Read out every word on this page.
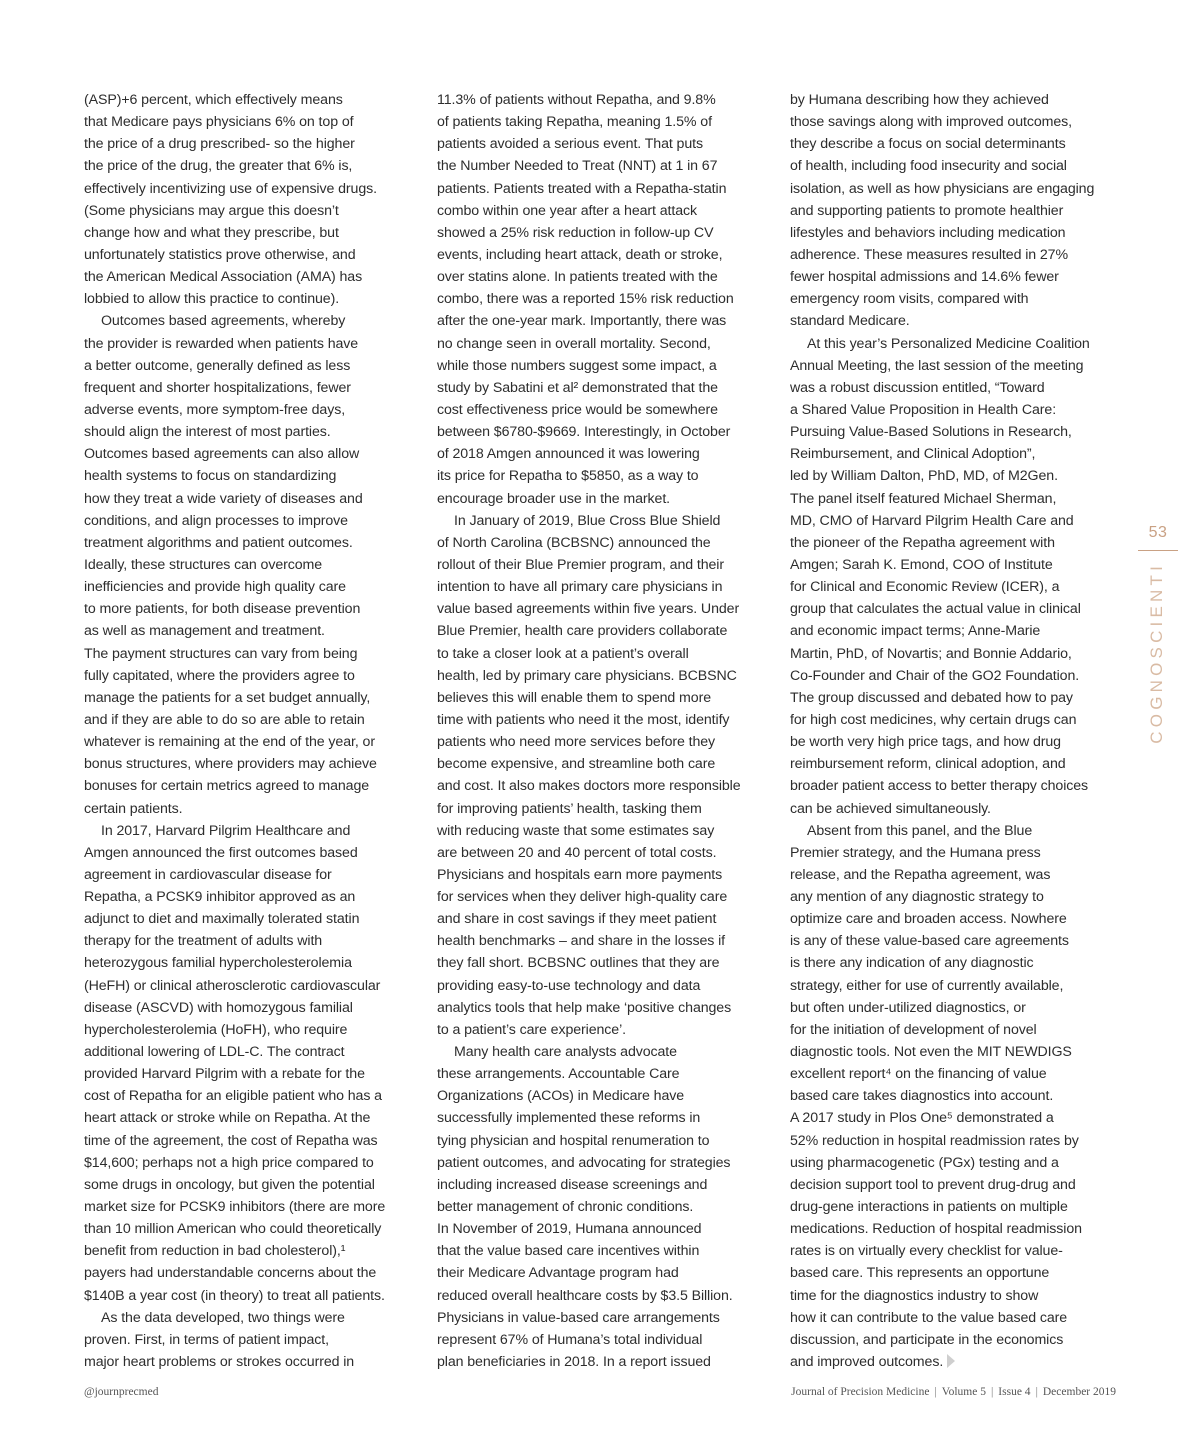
(ASP)+6 percent, which effectively means
that Medicare pays physicians 6% on top of
the price of a drug prescribed- so the higher
the price of the drug, the greater that 6% is,
effectively incentivizing use of expensive drugs.
(Some physicians may argue this doesn’t
change how and what they prescribe, but
unfortunately statistics prove otherwise, and
the American Medical Association (AMA) has
lobbied to allow this practice to continue).
Outcomes based agreements, whereby
the provider is rewarded when patients have
a better outcome, generally defined as less
frequent and shorter hospitalizations, fewer
adverse events, more symptom-free days,
should align the interest of most parties.
Outcomes based agreements can also allow
health systems to focus on standardizing
how they treat a wide variety of diseases and
conditions, and align processes to improve
treatment algorithms and patient outcomes.
Ideally, these structures can overcome
inefficiencies and provide high quality care
to more patients, for both disease prevention
as well as management and treatment.
The payment structures can vary from being
fully capitated, where the providers agree to
manage the patients for a set budget annually,
and if they are able to do so are able to retain
whatever is remaining at the end of the year, or
bonus structures, where providers may achieve
bonuses for certain metrics agreed to manage
certain patients.
In 2017, Harvard Pilgrim Healthcare and
Amgen announced the first outcomes based
agreement in cardiovascular disease for
Repatha, a PCSK9 inhibitor approved as an
adjunct to diet and maximally tolerated statin
therapy for the treatment of adults with
heterozygous familial hypercholesterolemia
(HeFH) or clinical atherosclerotic cardiovascular
disease (ASCVD) with homozygous familial
hypercholesterolemia (HoFH), who require
additional lowering of LDL-C. The contract
provided Harvard Pilgrim with a rebate for the
cost of Repatha for an eligible patient who has a
heart attack or stroke while on Repatha. At the
time of the agreement, the cost of Repatha was
$14,600; perhaps not a high price compared to
some drugs in oncology, but given the potential
market size for PCSK9 inhibitors (there are more
than 10 million American who could theoretically
benefit from reduction in bad cholesterol),¹
payers had understandable concerns about the
$140B a year cost (in theory) to treat all patients.
As the data developed, two things were
proven. First, in terms of patient impact,
major heart problems or strokes occurred in
11.3% of patients without Repatha, and 9.8%
of patients taking Repatha, meaning 1.5% of
patients avoided a serious event. That puts
the Number Needed to Treat (NNT) at 1 in 67
patients. Patients treated with a Repatha-statin
combo within one year after a heart attack
showed a 25% risk reduction in follow-up CV
events, including heart attack, death or stroke,
over statins alone. In patients treated with the
combo, there was a reported 15% risk reduction
after the one-year mark. Importantly, there was
no change seen in overall mortality. Second,
while those numbers suggest some impact, a
study by Sabatini et al² demonstrated that the
cost effectiveness price would be somewhere
between $6780-$9669. Interestingly, in October
of 2018 Amgen announced it was lowering
its price for Repatha to $5850, as a way to
encourage broader use in the market.
In January of 2019, Blue Cross Blue Shield
of North Carolina (BCBSNC) announced the
rollout of their Blue Premier program, and their
intention to have all primary care physicians in
value based agreements within five years. Under
Blue Premier, health care providers collaborate
to take a closer look at a patient’s overall
health, led by primary care physicians. BCBSNC
believes this will enable them to spend more
time with patients who need it the most, identify
patients who need more services before they
become expensive, and streamline both care
and cost. It also makes doctors more responsible
for improving patients’ health, tasking them
with reducing waste that some estimates say
are between 20 and 40 percent of total costs.
Physicians and hospitals earn more payments
for services when they deliver high-quality care
and share in cost savings if they meet patient
health benchmarks – and share in the losses if
they fall short. BCBSNC outlines that they are
providing easy-to-use technology and data
analytics tools that help make ‘positive changes
to a patient’s care experience’.
Many health care analysts advocate
these arrangements. Accountable Care
Organizations (ACOs) in Medicare have
successfully implemented these reforms in
tying physician and hospital renumeration to
patient outcomes, and advocating for strategies
including increased disease screenings and
better management of chronic conditions.
In November of 2019, Humana announced
that the value based care incentives within
their Medicare Advantage program had
reduced overall healthcare costs by $3.5 Billion.
Physicians in value-based care arrangements
represent 67% of Humana’s total individual
plan beneficiaries in 2018. In a report issued
by Humana describing how they achieved
those savings along with improved outcomes,
they describe a focus on social determinants
of health, including food insecurity and social
isolation, as well as how physicians are engaging
and supporting patients to promote healthier
lifestyles and behaviors including medication
adherence. These measures resulted in 27%
fewer hospital admissions and 14.6% fewer
emergency room visits, compared with
standard Medicare.
At this year’s Personalized Medicine Coalition
Annual Meeting, the last session of the meeting
was a robust discussion entitled, “Toward
a Shared Value Proposition in Health Care:
Pursuing Value-Based Solutions in Research,
Reimbursement, and Clinical Adoption”,
led by William Dalton, PhD, MD, of M2Gen.
The panel itself featured Michael Sherman,
MD, CMO of Harvard Pilgrim Health Care and
the pioneer of the Repatha agreement with
Amgen; Sarah K. Emond, COO of Institute
for Clinical and Economic Review (ICER), a
group that calculates the actual value in clinical
and economic impact terms; Anne-Marie
Martin, PhD, of Novartis; and Bonnie Addario,
Co-Founder and Chair of the GO2 Foundation.
The group discussed and debated how to pay
for high cost medicines, why certain drugs can
be worth very high price tags, and how drug
reimbursement reform, clinical adoption, and
broader patient access to better therapy choices
can be achieved simultaneously.
Absent from this panel, and the Blue
Premier strategy, and the Humana press
release, and the Repatha agreement, was
any mention of any diagnostic strategy to
optimize care and broaden access. Nowhere
is any of these value-based care agreements
is there any indication of any diagnostic
strategy, either for use of currently available,
but often under-utilized diagnostics, or
for the initiation of development of novel
diagnostic tools. Not even the MIT NEWDIGS
excellent report⁴ on the financing of value
based care takes diagnostics into account.
A 2017 study in Plos One⁵ demonstrated a
52% reduction in hospital readmission rates by
using pharmacogenetic (PGx) testing and a
decision support tool to prevent drug-drug and
drug-gene interactions in patients on multiple
medications. Reduction of hospital readmission
rates is on virtually every checklist for value-
based care. This represents an opportune
time for the diagnostics industry to show
how it can contribute to the value based care
discussion, and participate in the economics
and improved outcomes.
53
COGNOSCIENTI
@journprecmed	Journal of Precision Medicine | Volume 5 | Issue 4 | December 2019
